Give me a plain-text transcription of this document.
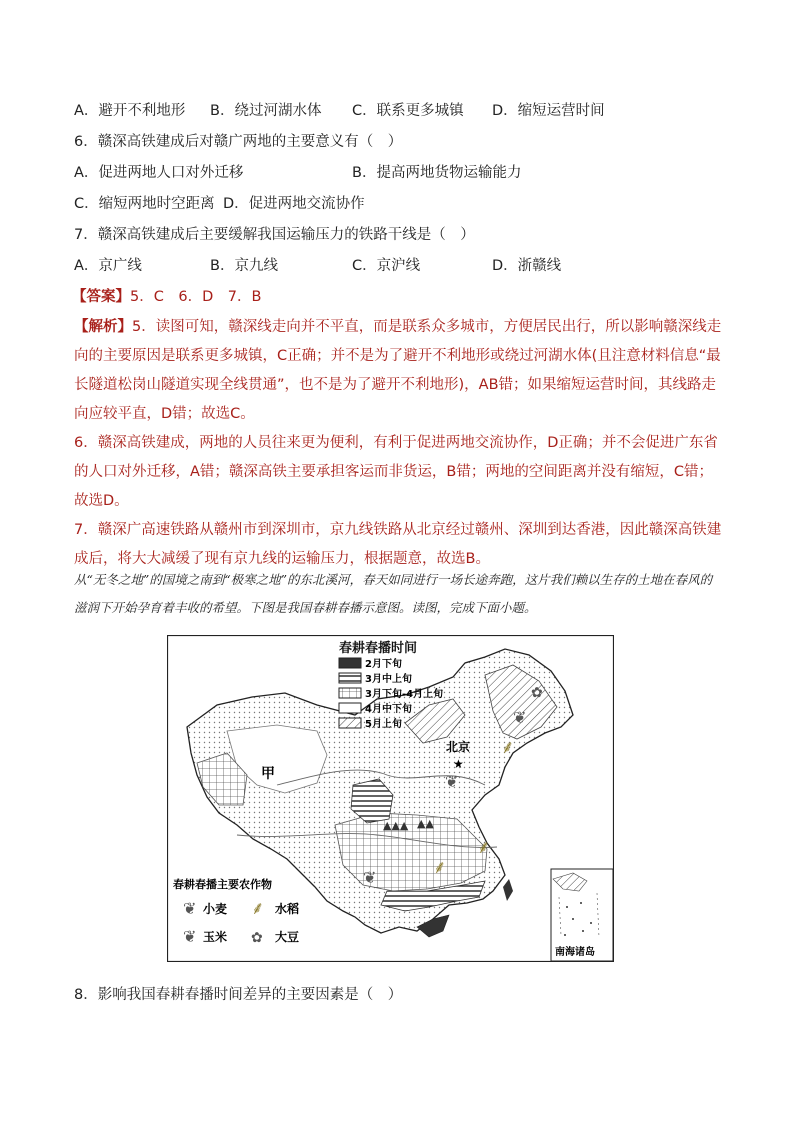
A．避开不利地形 B．绕过河湖水体 C．联系更多城镇 D．缩短运营时间
6．赣深高铁建成后对赣广两地的主要意义有（　）
A．促进两地人口对外迁移	B．提高两地货物运输能力
C．缩短两地时空距离 D．促进两地交流协作
7．赣深高铁建成后主要缓解我国运输压力的铁路干线是（　）
A．京广线	B．京九线	C．京沪线	D．浙赣线
【答案】5．C　6．D　7．B

【解析】5．读图可知，赣深线走向并不平直，而是联系众多城市，方便居民出行，所以影响赣深线走向的主要原因是联系更多城镇，C正确；并不是为了避开不利地形或绕过河湖水体(且注意材料信息“最长隧道松岗山隧道实现全线贯通”，也不是为了避开不利地形)，AB错；如果缩短运营时间，其线路走向应较平直，D错；故选C。

6．赣深高铁建成，两地的人员往来更为便利，有利于促进两地交流协作，D正确；并不会促进广东省的人口对外迁移，A错；赣深高铁主要承担客运而非货运，B错；两地的空间距离并没有缩短，C错；故选D。

7．赣深广高速铁路从赣州市到深圳市，京九线铁路从北京经过赣州、深圳到达香港，因此赣深高铁建成后，将大大减缓了现有京九线的运输压力，根据题意，故选B。

从“无冬之地”的国境之南到“极寒之地”的东北溪河，春天如同进行一场长途奔跑，这片我们赖以生存的土地在春风的滋润下开始孕育着丰收的希望。下图是我国春耕春播示意图。读图，完成下面小题。
春耕春播时间
2月下旬
3月中上旬
3月下旬-4月上旬
4月中下旬
5月上旬
北京
★
甲	❦
⸙
❦
✿
❦	⸙
⸙
▲▲▲ ▲▲
春耕春播主要农作物
❦ 小麦 ⸙ 水稻
❦ 玉米 ✿ 大豆
南海诸岛
8．影响我国春耕春播时间差异的主要因素是（　）
